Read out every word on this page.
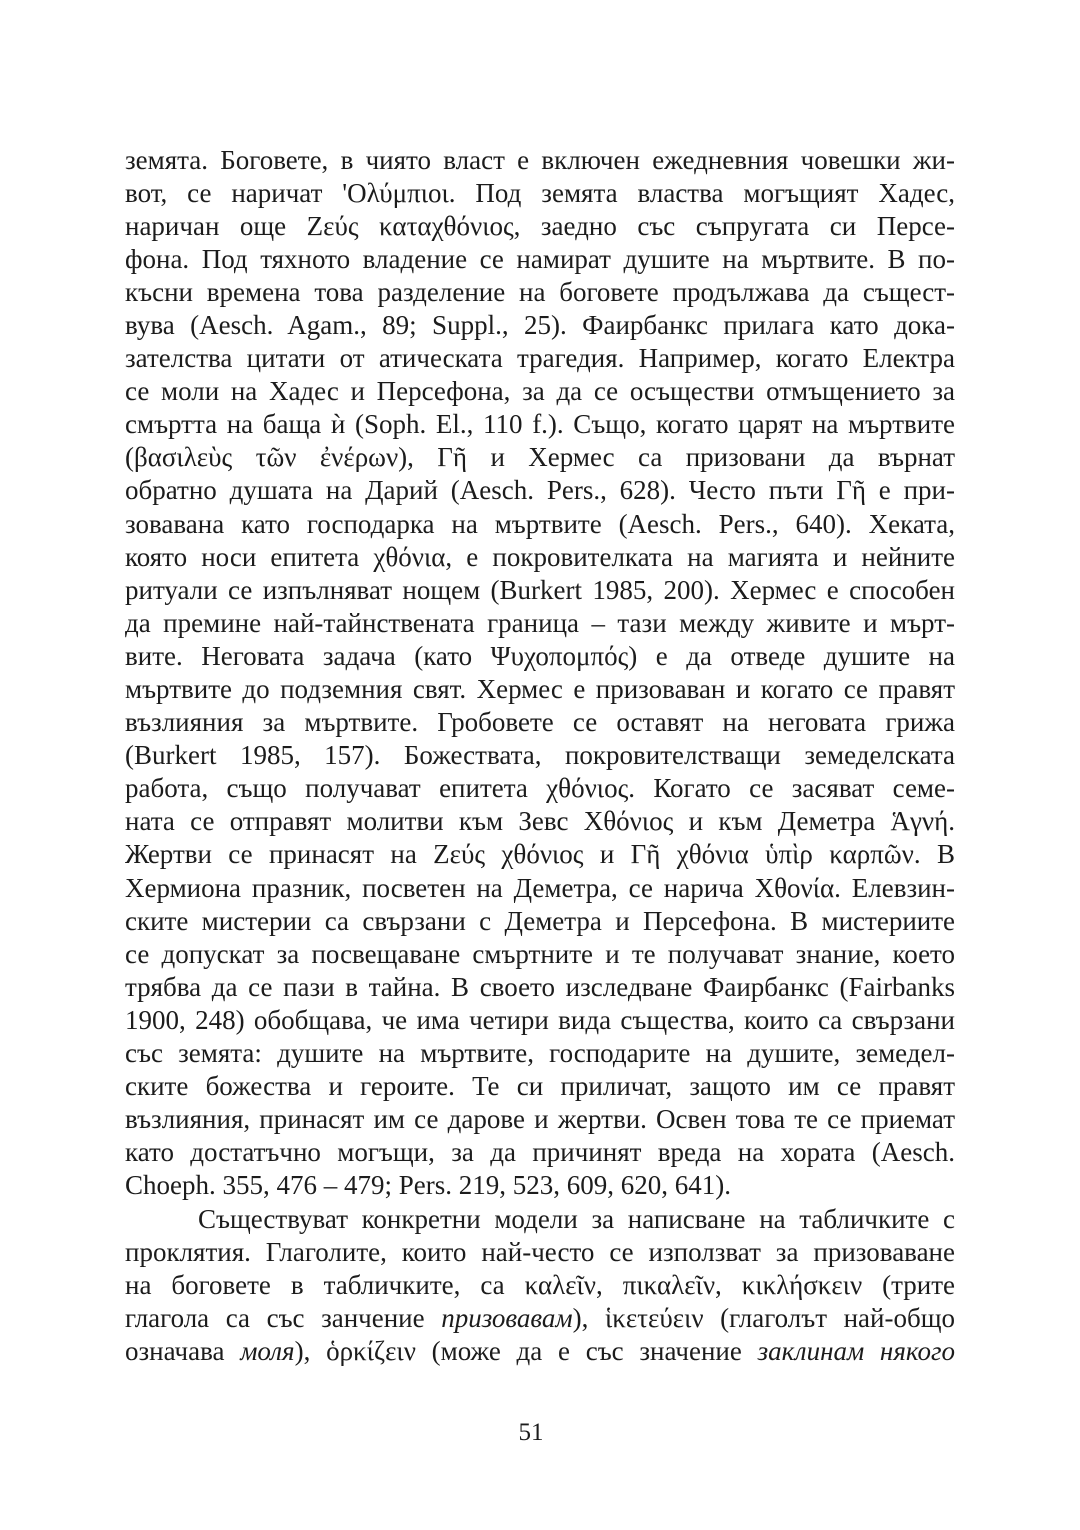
земята. Боговете, в чиято власт е включен ежедневния човешки жи-
вот, се наричат 'Ολύμπιοι. Под земята властва могъщият Хадес,
наричан още Ζεύς καταχθόνιος, заедно със съпругата си Персе-
фона. Под тяхното владение се намират душите на мъртвите. В по-
късни времена това разделение на боговете продължава да същест-
вува (Aesch. Agam., 89; Suppl., 25). Фаирбанкс прилага като дока-
зателства цитати от атическата трагедия. Например, когато Електра
се моли на Хадес и Персефона, за да се осъществи отмъщението за
смъртта на баща ѝ (Soph. El., 110 f.). Също, когато царят на мъртвите
(βασιλεὺς τῶν ἐνέρων), Γῆ и Хермес са призовани да върнат
обратно душата на Дарий (Aesch. Pers., 628). Често пъти Γῆ е при-
зовавана като господарка на мъртвите (Aesch. Pers., 640). Хеката,
която носи епитета χθόνια, е покровителката на магията и нейните
ритуали се изпълняват нощем (Burkert 1985, 200). Хермес е способен
да премине най-тайнствената граница – тази между живите и мърт-
вите. Неговата задача (като Ψυχοπομπός) е да отведе душите на
мъртвите до подземния свят. Хермес е призоваван и когато се правят
възлияния за мъртвите. Гробовете се оставят на неговата грижа
(Burkert 1985, 157). Божествата, покровителстващи земеделската
работа, също получават епитета χθόνιος. Когато се засяват семе-
ната се отправят молитви към Зевс Χθόνιος и към Деметра Ἁγνή.
Жертви се принасят на Ζεύς χθόνιος и Γῆ χθόνια ὑπὶρ καρπῶν. В
Хермиона празник, посветен на Деметра, се нарича Χθονία. Елевзин-
ските мистерии са свързани с Деметра и Персефона. В мистериите
се допускат за посвещаване смъртните и те получават знание, което
трябва да се пази в тайна. В своето изследване Фаирбанкс (Fairbanks
1900, 248) обобщава, че има четири вида същества, които са свързани
със земята: душите на мъртвите, господарите на душите, земедел-
ските божества и героите. Те си приличат, защото им се правят
възлияния, принасят им се дарове и жертви. Освен това те се приемат
като достатъчно могъщи, за да причинят вреда на хората (Aesch.
Choeph. 355, 476 – 479; Pers. 219, 523, 609, 620, 641).
Съществуват конкретни модели за написване на табличките с
проклятия. Глаголите, които най-често се използват за призоваване
на боговете в табличките, са καλεῖν, πικαλεῖν, κικλήσκειν (трите
глагола са със занчение призовавам), ἱκετεύειν (глаголът най-общо
означава моля), ὁρκίζειν (може да е със значение заклинам някого
51
